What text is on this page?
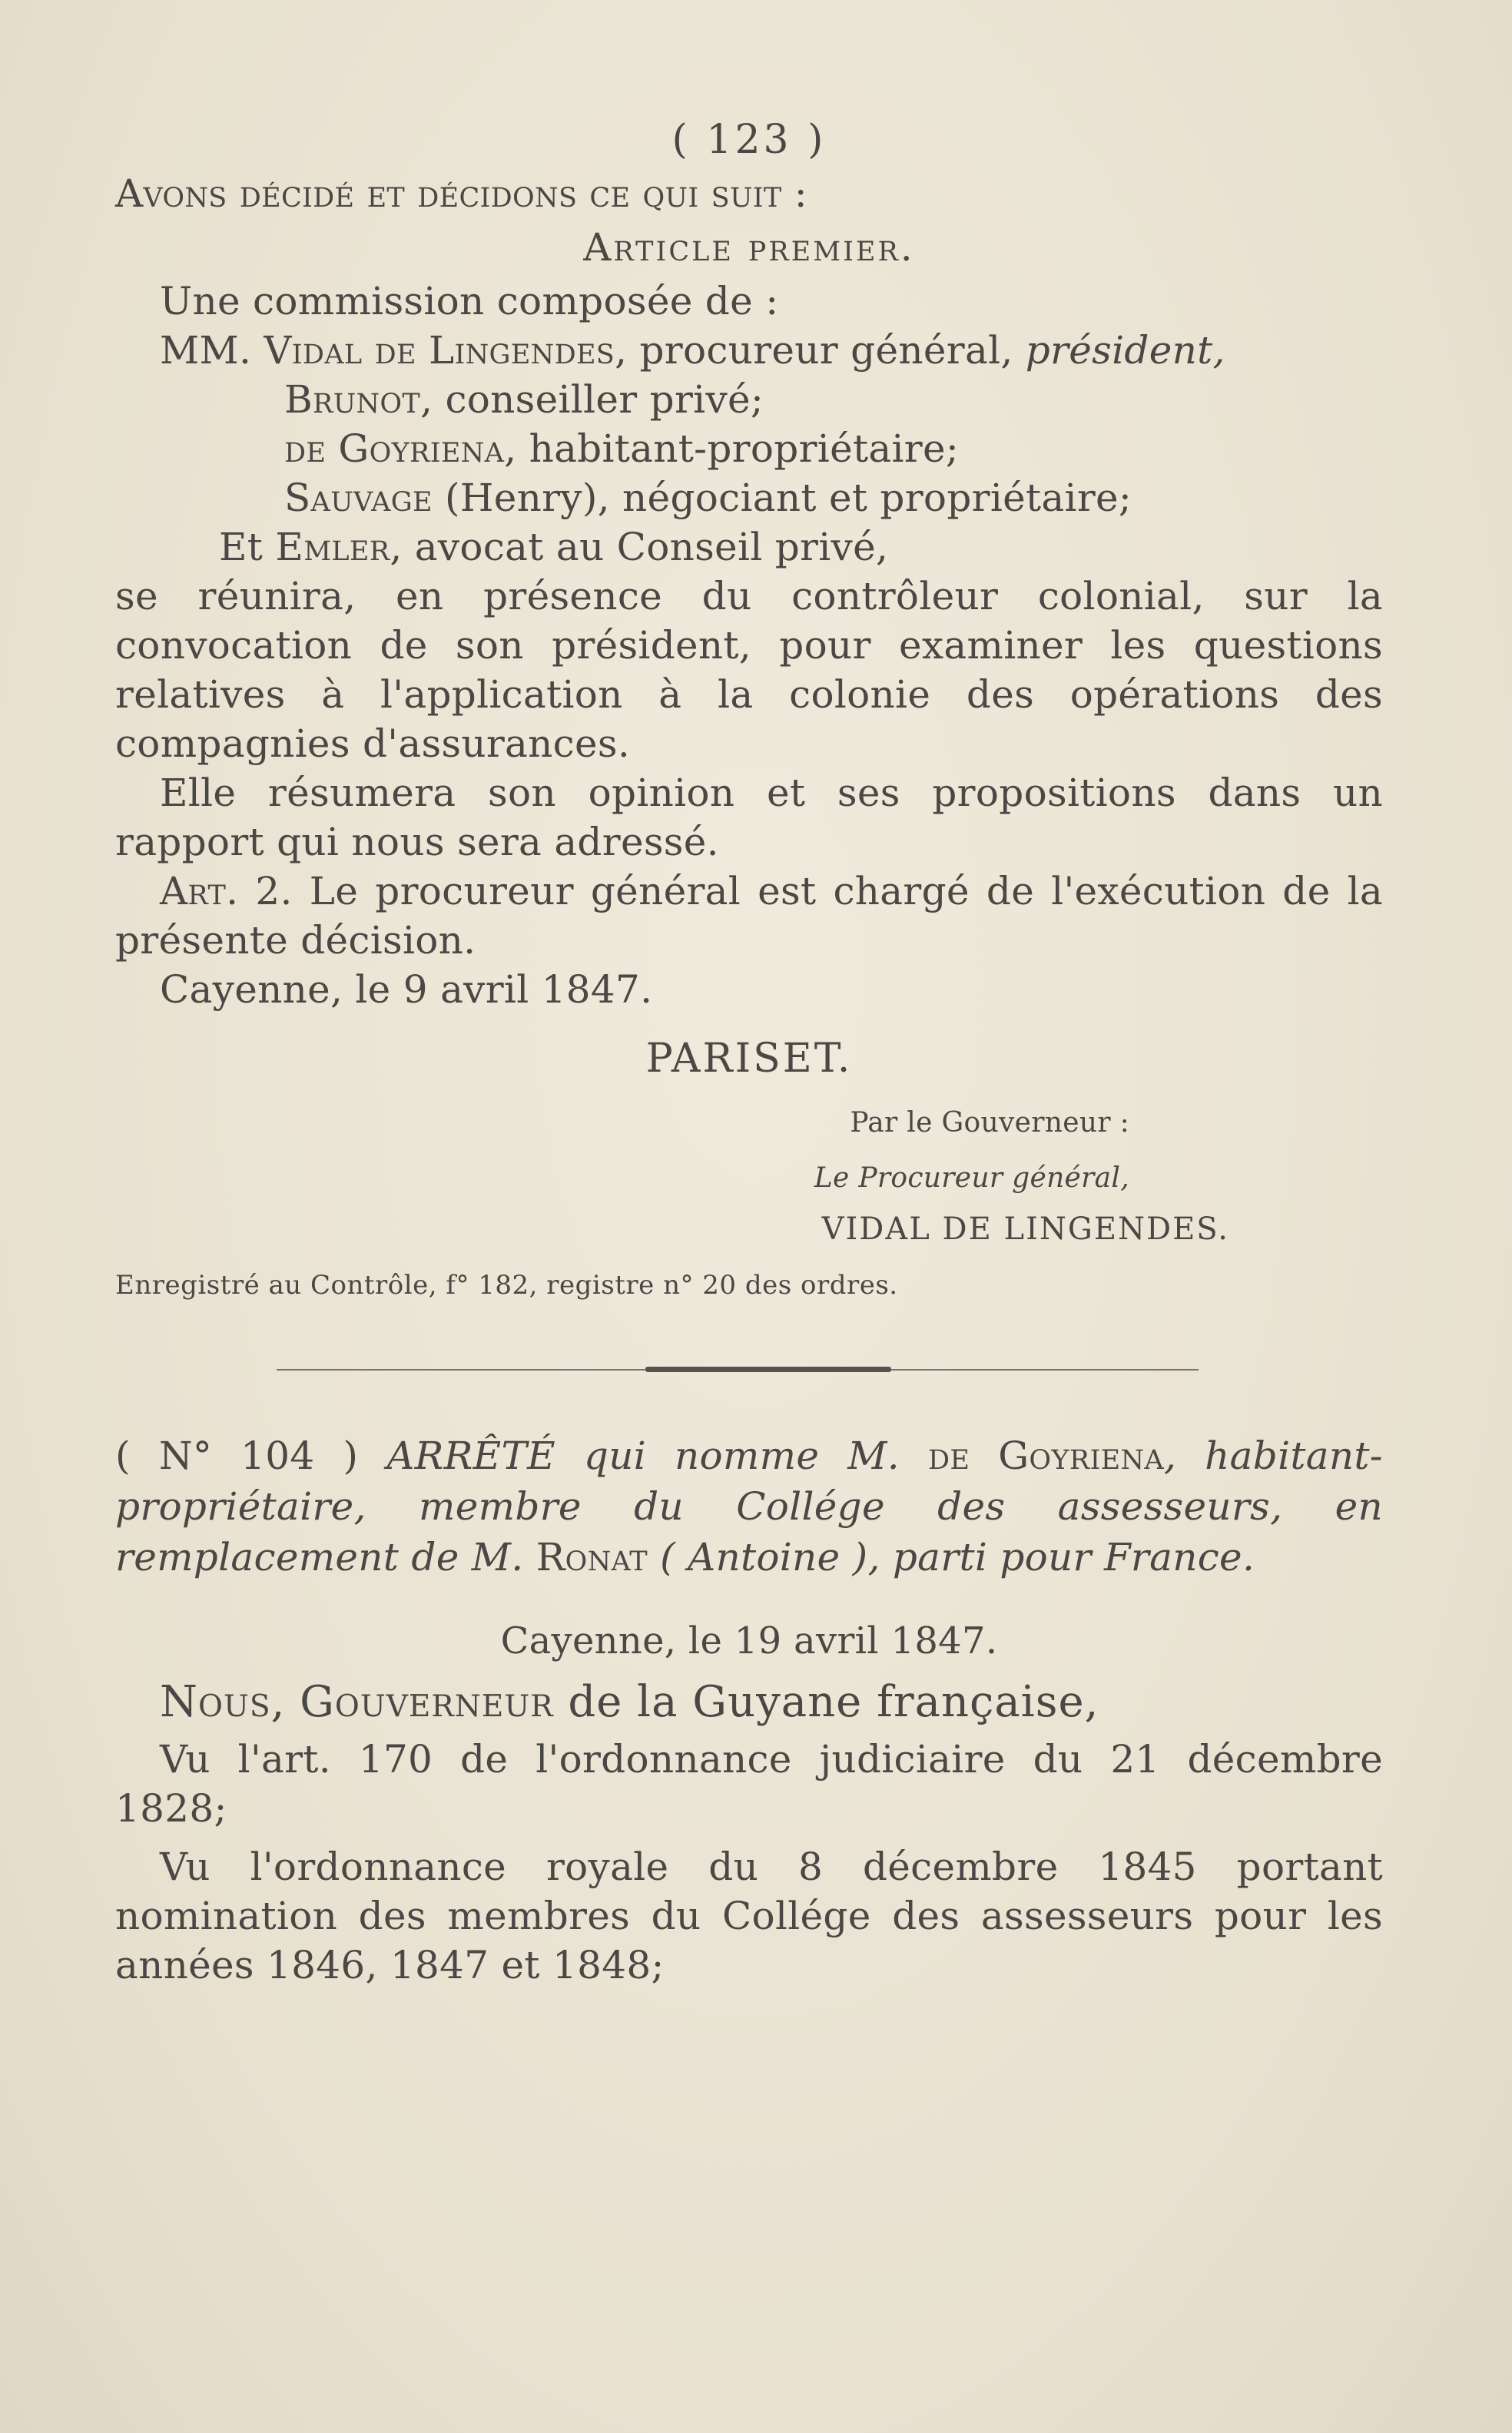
( 123 )

Avons décidé et décidons ce qui suit :

Article premier.

Une commission composée de :

MM. Vidal de Lingendes, procureur général, président,

Brunot, conseiller privé;

de Goyriena, habitant-propriétaire;

Sauvage (Henry), négociant et propriétaire;

Et Emler, avocat au Conseil privé,

se réunira, en présence du contrôleur colonial, sur la convocation de son président, pour examiner les questions relatives à l'application à la colonie des opérations des compagnies d'assurances.

Elle résumera son opinion et ses propositions dans un rapport qui nous sera adressé.

Art. 2. Le procureur général est chargé de l'exécution de la présente décision.

Cayenne, le 9 avril 1847.

PARISET.
Par le Gouverneur :
Le Procureur général,
VIDAL DE LINGENDES.
Enregistré au Contrôle, f° 182, registre n° 20 des ordres.

( N° 104 ) ARRÊTÉ qui nomme M. de Goyriena, habitant-propriétaire, membre du Collége des assesseurs, en remplacement de M. Ronat ( Antoine ), parti pour France.

Cayenne, le 19 avril 1847.
Nous, Gouverneur de la Guyane française,

Vu l'art. 170 de l'ordonnance judiciaire du 21 décembre 1828;

Vu l'ordonnance royale du 8 décembre 1845 portant nomination des membres du Collége des assesseurs pour les années 1846, 1847 et 1848;
